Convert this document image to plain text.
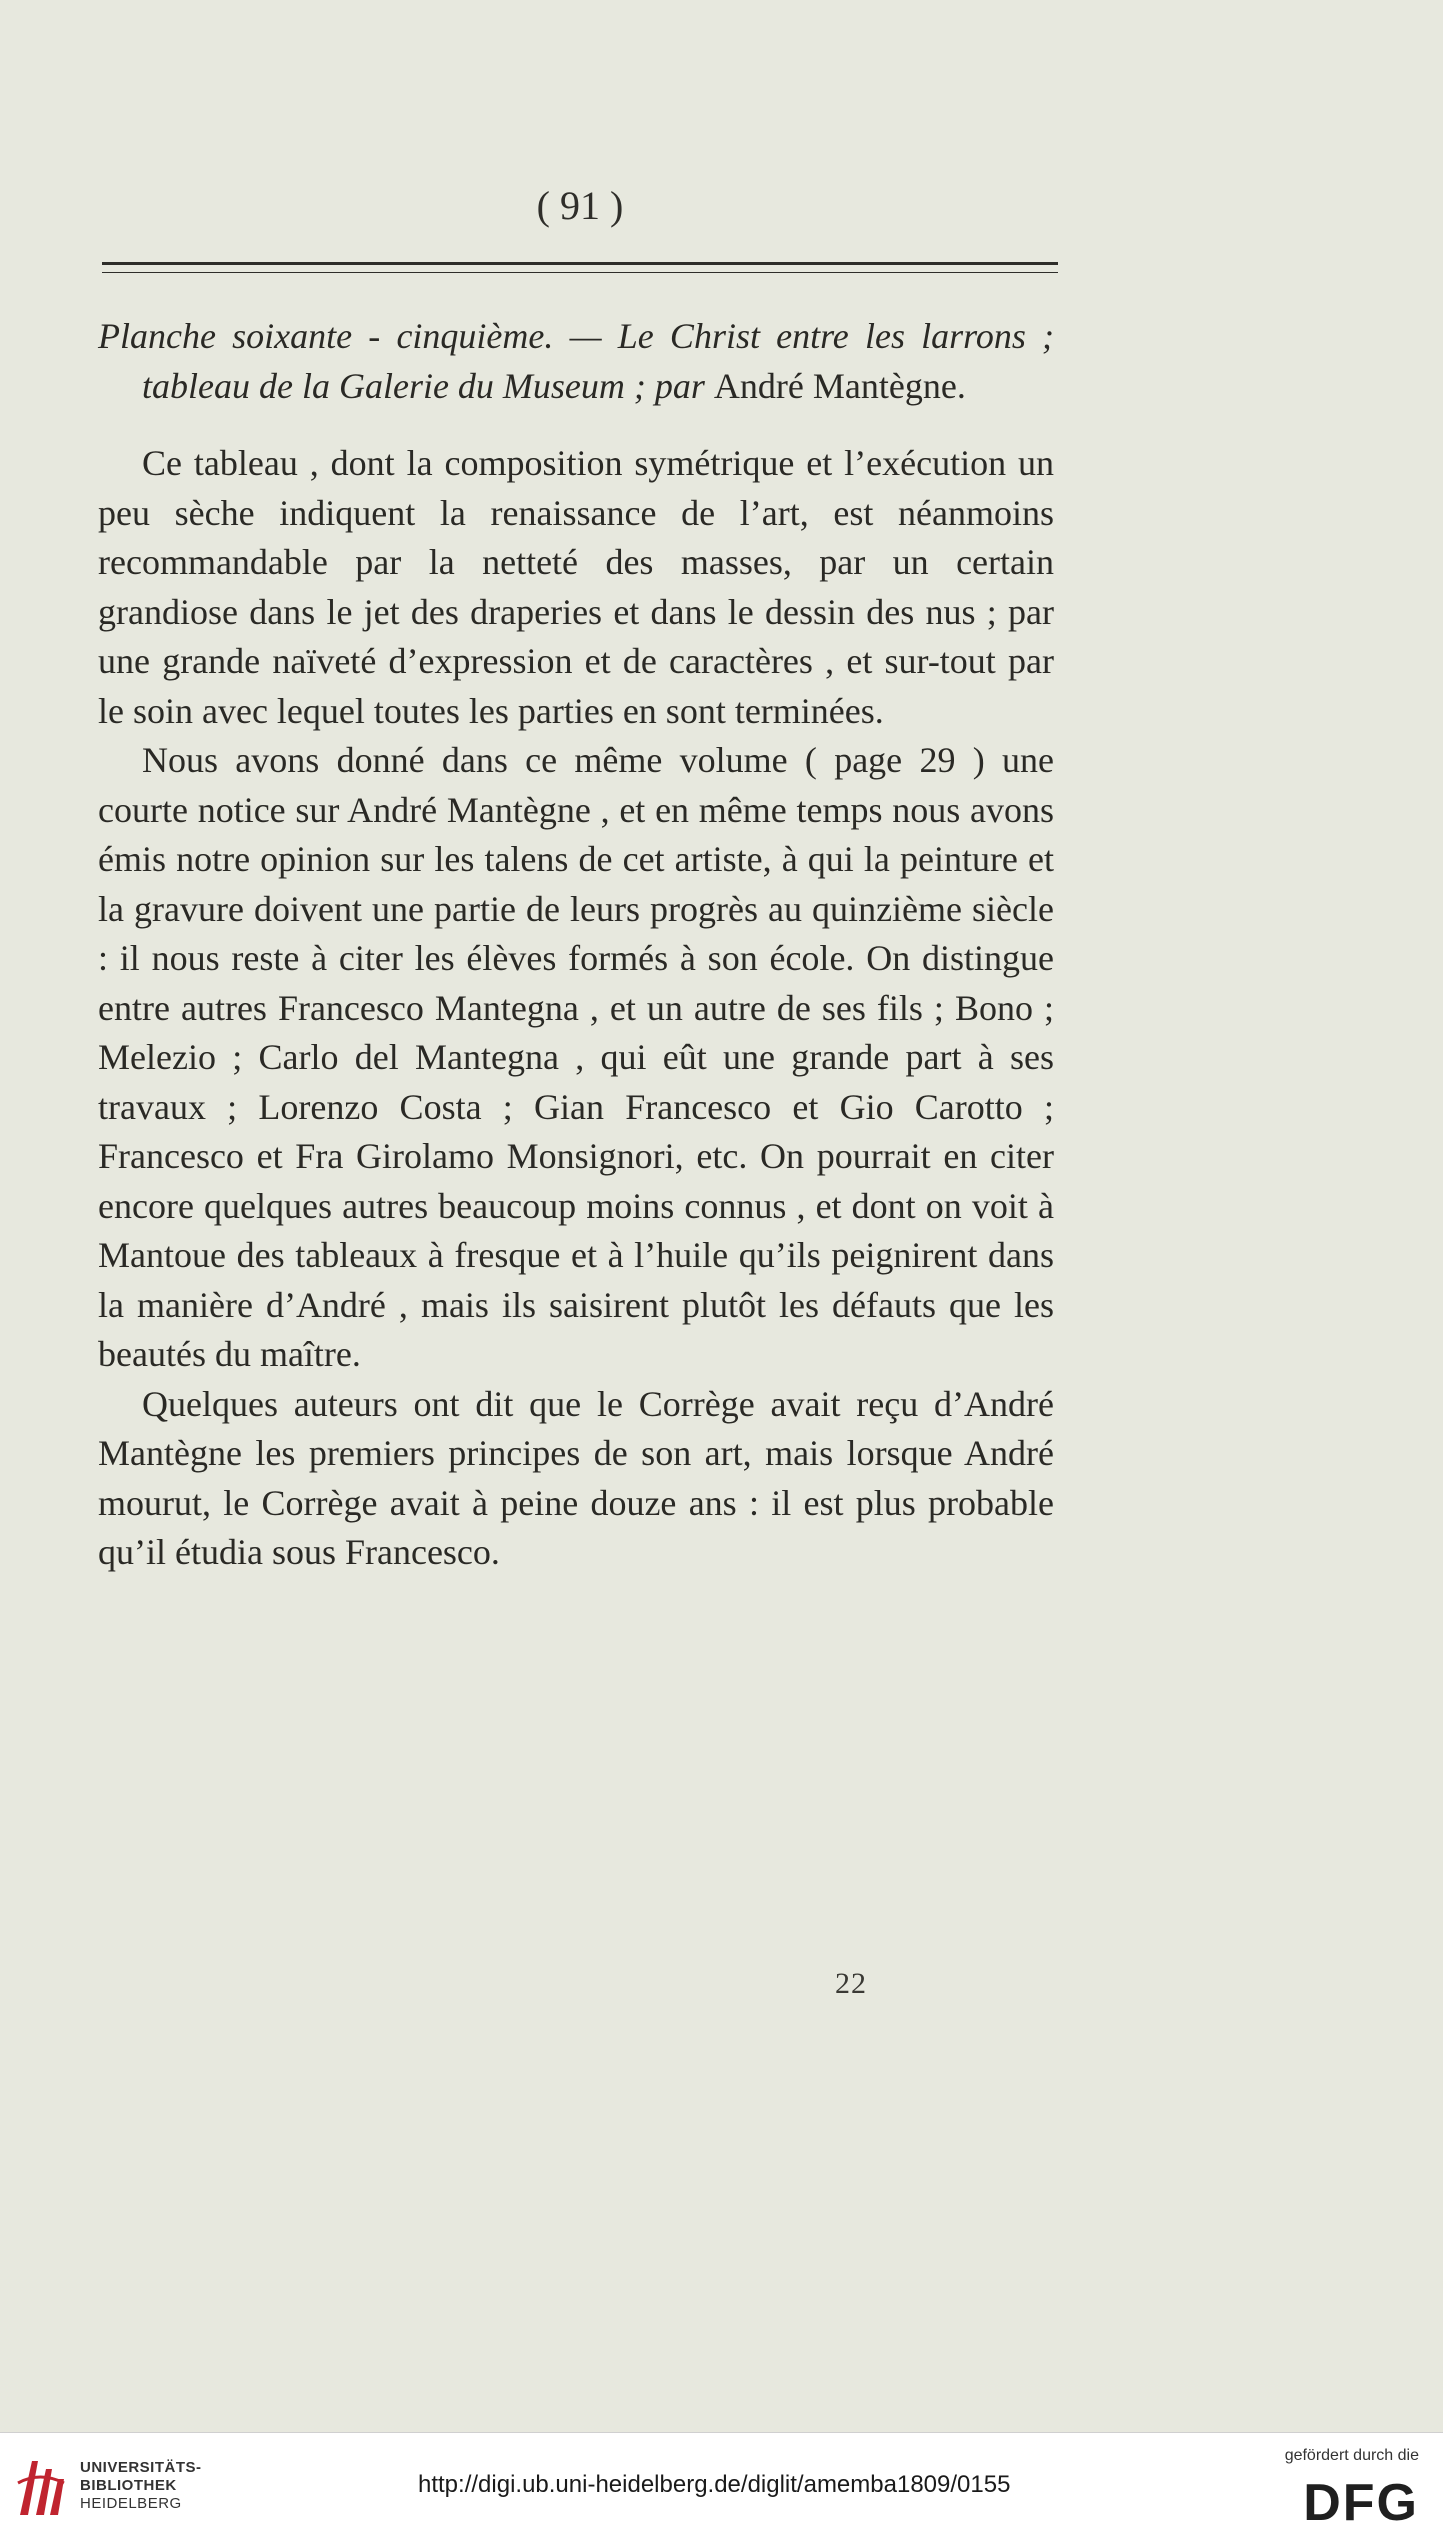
( 91 )

Planche soixante - cinquième. — Le Christ entre les larrons ; tableau de la Galerie du Museum ; par André Mantègne.

Ce tableau , dont la composition symétrique et l’exécution un peu sèche indiquent la renaissance de l’art, est néanmoins recommandable par la netteté des masses, par un certain grandiose dans le jet des draperies et dans le dessin des nus ; par une grande naïveté d’expression et de caractères , et sur-tout par le soin avec lequel toutes les parties en sont terminées.

Nous avons donné dans ce même volume ( page 29 ) une courte notice sur André Mantègne , et en même temps nous avons émis notre opinion sur les talens de cet artiste, à qui la peinture et la gravure doivent une partie de leurs progrès au quinzième siècle : il nous reste à citer les élèves formés à son école. On distingue entre autres Francesco Mantegna , et un autre de ses fils ; Bono ; Melezio ; Carlo del Mantegna , qui eût une grande part à ses travaux ; Lorenzo Costa ; Gian Francesco et Gio Carotto ; Francesco et Fra Girolamo Monsignori, etc. On pourrait en citer encore quelques autres beaucoup moins connus , et dont on voit à Mantoue des tableaux à fresque et à l’huile qu’ils peignirent dans la manière d’André , mais ils saisirent plutôt les défauts que les beautés du maître.

Quelques auteurs ont dit que le Corrège avait reçu d’André Mantègne les premiers principes de son art, mais lorsque André mourut, le Corrège avait à peine douze ans : il est plus probable qu’il étudia sous Francesco.

22
UNIVERSITÄTS-
BIBLIOTHEK
HEIDELBERG
http://digi.ub.uni-heidelberg.de/diglit/amemba1809/0155
gefördert durch die
DFG
